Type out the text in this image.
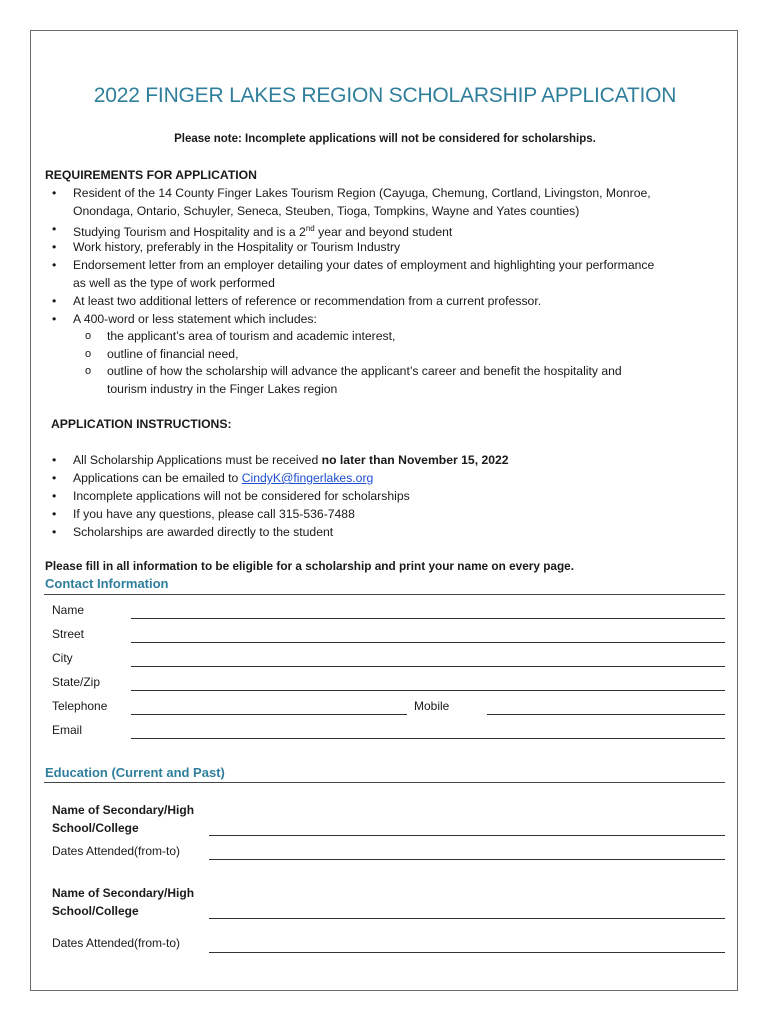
2022 FINGER LAKES REGION SCHOLARSHIP APPLICATION
Please note: Incomplete applications will not be considered for scholarships.
REQUIREMENTS FOR APPLICATION
• Resident of the 14 County Finger Lakes Tourism Region (Cayuga, Chemung, Cortland, Livingston, Monroe,
Onondaga, Ontario, Schuyler, Seneca, Steuben, Tioga, Tompkins, Wayne and Yates counties)
• Studying Tourism and Hospitality and is a 2nd year and beyond student
• Work history, preferably in the Hospitality or Tourism Industry
• Endorsement letter from an employer detailing your dates of employment and highlighting your performance
as well as the type of work performed
• At least two additional letters of reference or recommendation from a current professor.
• A 400-word or less statement which includes:
o the applicant’s area of tourism and academic interest,
o outline of financial need,
o outline of how the scholarship will advance the applicant’s career and benefit the hospitality and
tourism industry in the Finger Lakes region
APPLICATION INSTRUCTIONS:
• All Scholarship Applications must be received no later than November 15, 2022
• Applications can be emailed to CindyK@fingerlakes.org
• Incomplete applications will not be considered for scholarships
• If you have any questions, please call 315-536-7488
• Scholarships are awarded directly to the student
Please fill in all information to be eligible for a scholarship and print your name on every page.
Contact Information
Name
Street
City
State/Zip
Telephone	Mobile
Email
Education (Current and Past)
Name of Secondary/High
School/College
Dates Attended(from-to)
Name of Secondary/High
School/College
Dates Attended(from-to)
